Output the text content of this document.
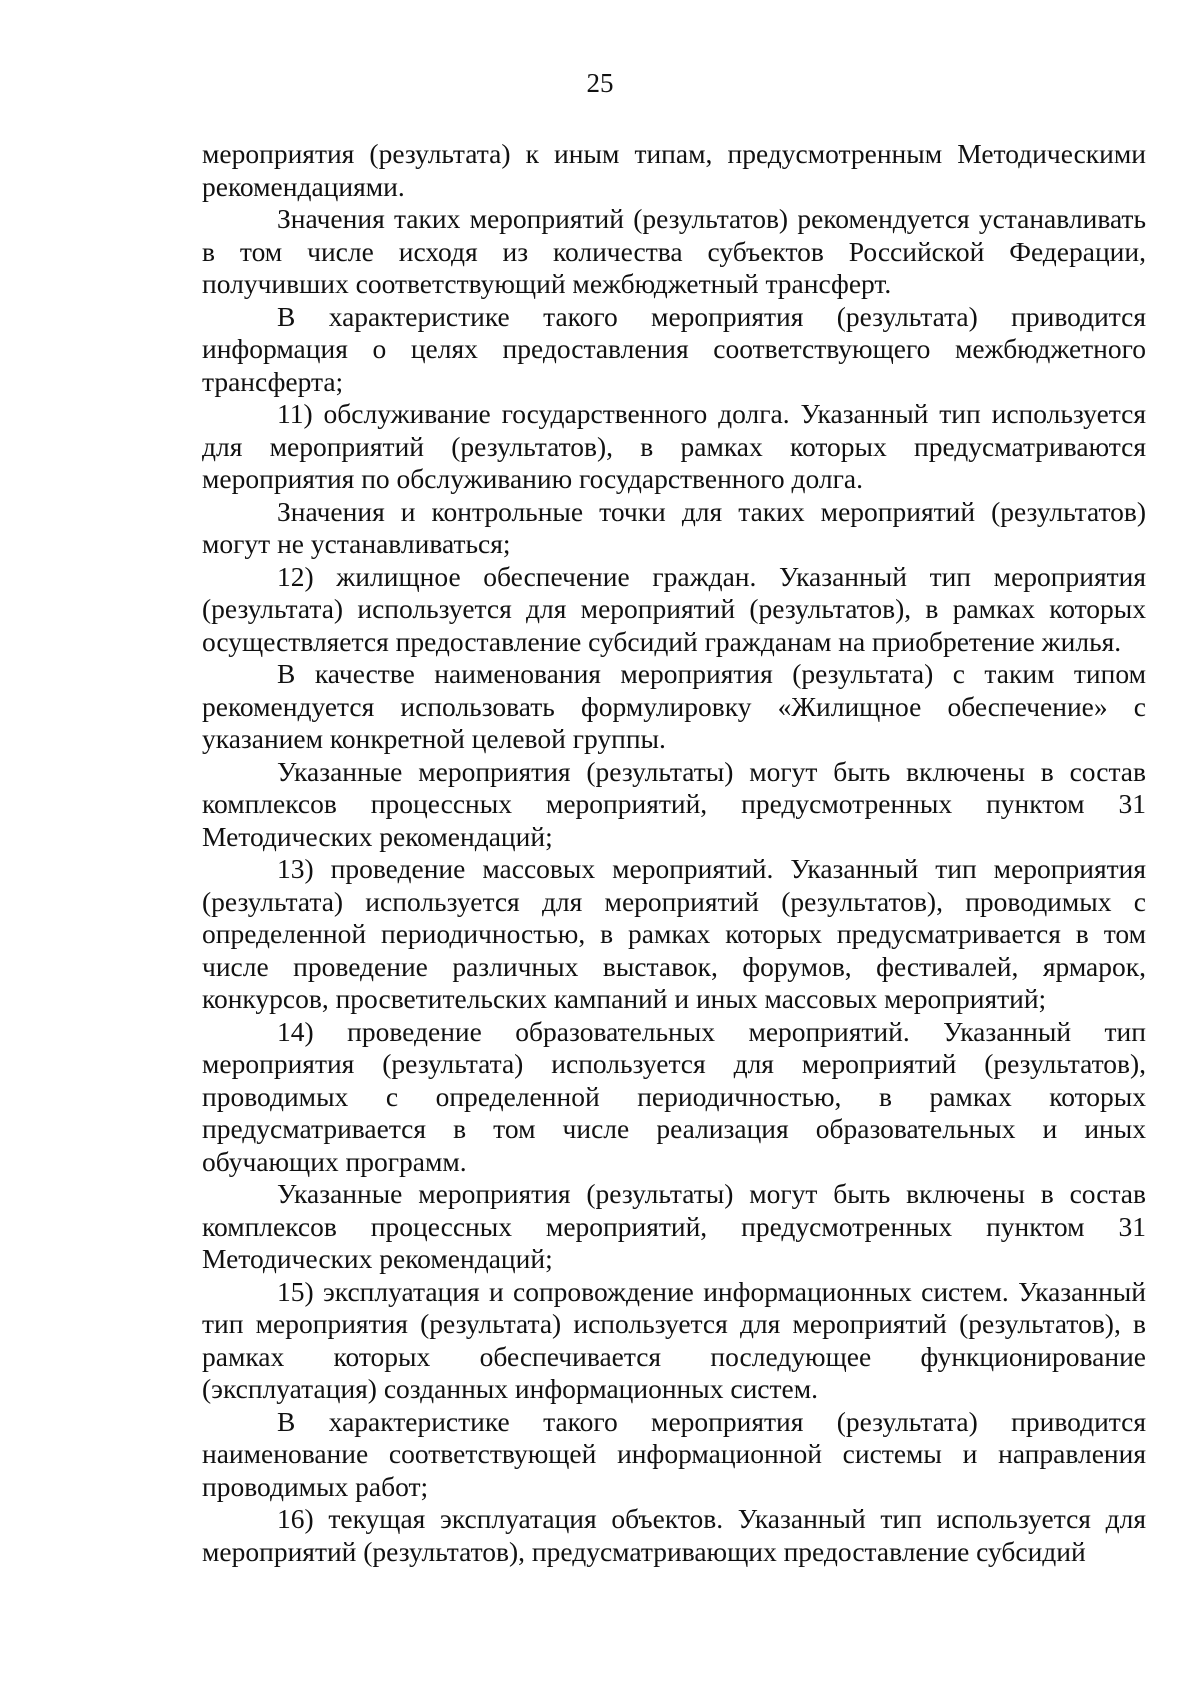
25

мероприятия (результата) к иным типам, предусмотренным Методическими рекомендациями.

Значения таких мероприятий (результатов) рекомендуется устанавливать в том числе исходя из количества субъектов Российской Федерации, получивших соответствующий межбюджетный трансферт.

В характеристике такого мероприятия (результата) приводится информация о целях предоставления соответствующего межбюджетного трансферта;

11) обслуживание государственного долга. Указанный тип используется для мероприятий (результатов), в рамках которых предусматриваются мероприятия по обслуживанию государственного долга.

Значения и контрольные точки для таких мероприятий (результатов) могут не устанавливаться;

12) жилищное обеспечение граждан. Указанный тип мероприятия (результата) используется для мероприятий (результатов), в рамках которых осуществляется предоставление субсидий гражданам на приобретение жилья.

В качестве наименования мероприятия (результата) с таким типом рекомендуется использовать формулировку «Жилищное обеспечение» с указанием конкретной целевой группы.

Указанные мероприятия (результаты) могут быть включены в состав комплексов процессных мероприятий, предусмотренных пунктом 31 Методических рекомендаций;

13) проведение массовых мероприятий. Указанный тип мероприятия (результата) используется для мероприятий (результатов), проводимых с определенной периодичностью, в рамках которых предусматривается в том числе проведение различных выставок, форумов, фестивалей, ярмарок, конкурсов, просветительских кампаний и иных массовых мероприятий;

14) проведение образовательных мероприятий. Указанный тип мероприятия (результата) используется для мероприятий (результатов), проводимых с определенной периодичностью, в рамках которых предусматривается в том числе реализация образовательных и иных обучающих программ.

Указанные мероприятия (результаты) могут быть включены в состав комплексов процессных мероприятий, предусмотренных пунктом 31 Методических рекомендаций;

15) эксплуатация и сопровождение информационных систем. Указанный тип мероприятия (результата) используется для мероприятий (результатов), в рамках которых обеспечивается последующее функционирование (эксплуатация) созданных информационных систем.

В характеристике такого мероприятия (результата) приводится наименование соответствующей информационной системы и направления проводимых работ;

16) текущая эксплуатация объектов. Указанный тип используется для мероприятий (результатов), предусматривающих предоставление субсидий
